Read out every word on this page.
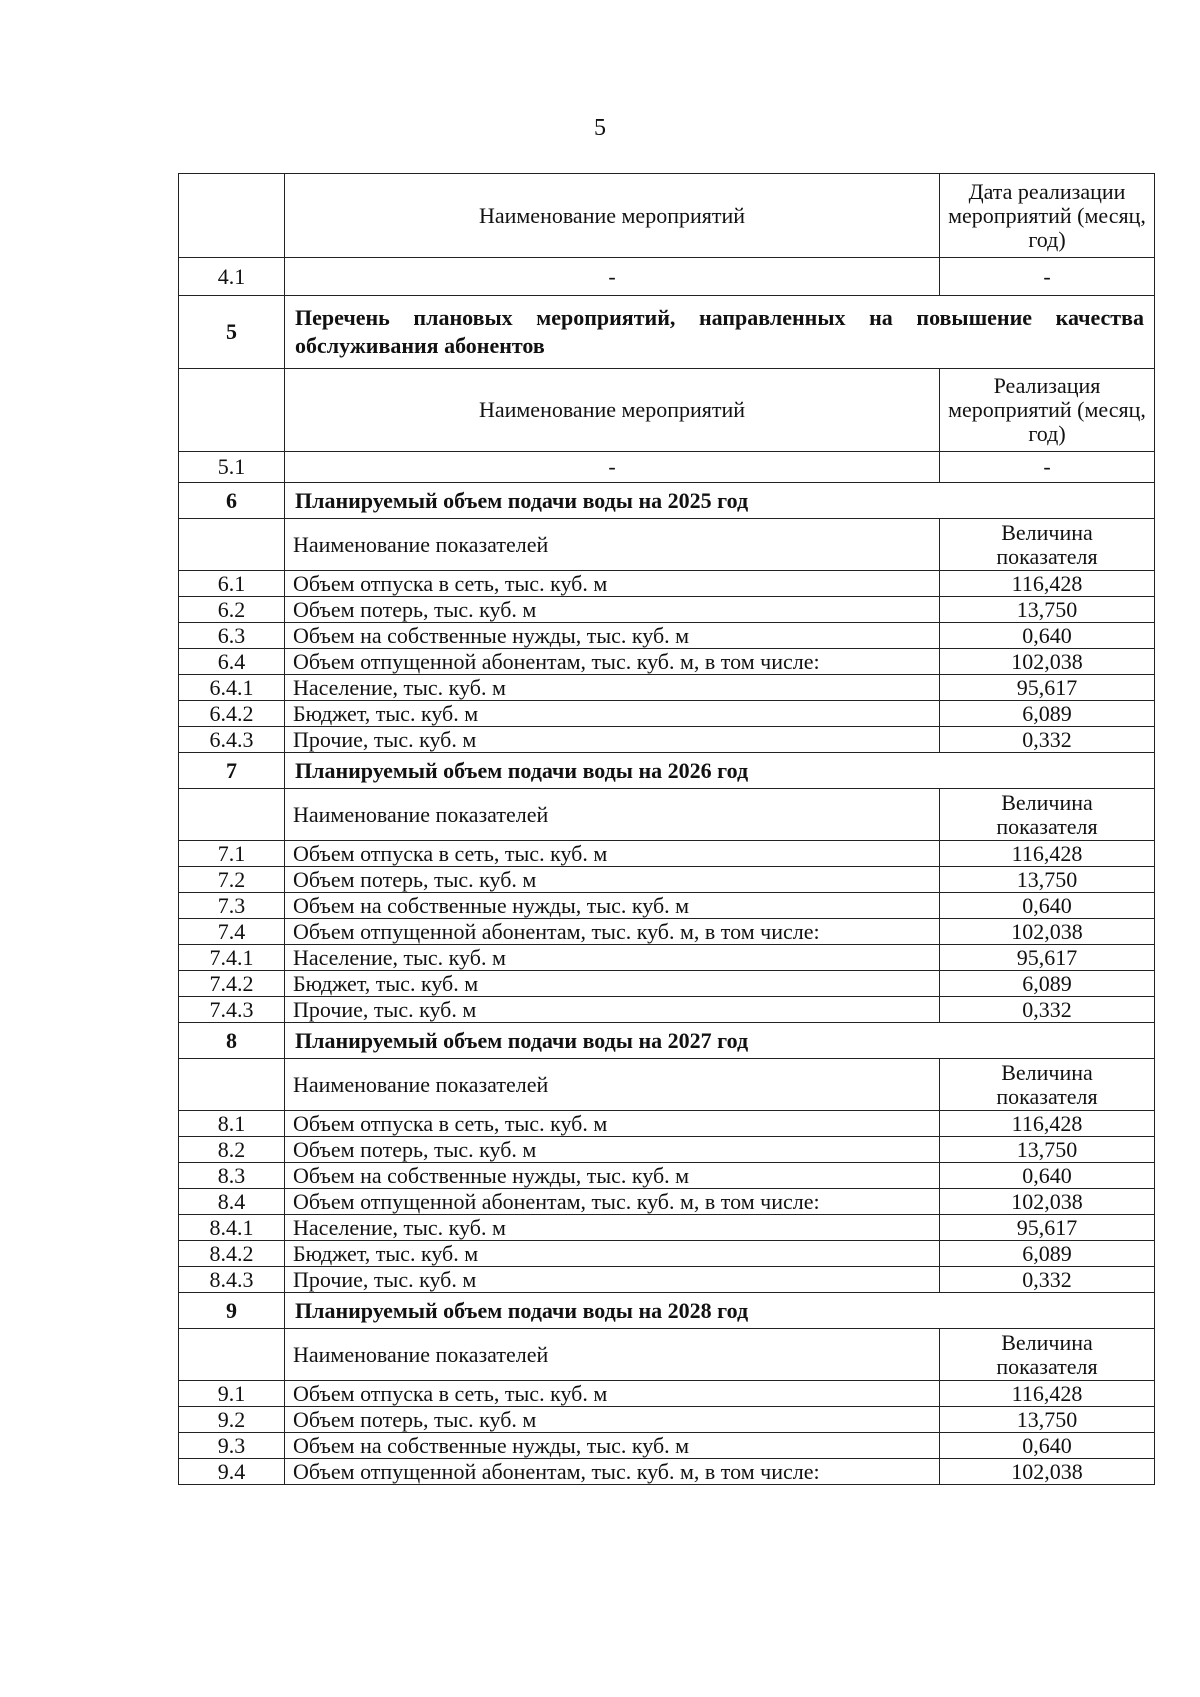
5
	Наименование мероприятий	Дата реализации мероприятий (месяц, год)
4.1	-	-
5	Перечень плановых мероприятий, направленных на повышение качества обслуживания абонентов	
	Наименование мероприятий	Реализация мероприятий (месяц, год)
5.1	-	-
6	Планируемый объем подачи воды на 2025 год	
	Наименование показателей	Величина показателя
6.1	Объем отпуска в сеть, тыс. куб. м	116,428
6.2	Объем потерь, тыс. куб. м	13,750
6.3	Объем на собственные нужды, тыс. куб. м	0,640
6.4	Объем отпущенной абонентам, тыс. куб. м, в том числе:	102,038
6.4.1	Население, тыс. куб. м	95,617
6.4.2	Бюджет, тыс. куб. м	6,089
6.4.3	Прочие, тыс. куб. м	0,332
7	Планируемый объем подачи воды на 2026 год	
	Наименование показателей	Величина показателя
7.1	Объем отпуска в сеть, тыс. куб. м	116,428
7.2	Объем потерь, тыс. куб. м	13,750
7.3	Объем на собственные нужды, тыс. куб. м	0,640
7.4	Объем отпущенной абонентам, тыс. куб. м, в том числе:	102,038
7.4.1	Население, тыс. куб. м	95,617
7.4.2	Бюджет, тыс. куб. м	6,089
7.4.3	Прочие, тыс. куб. м	0,332
8	Планируемый объем подачи воды на 2027 год	
	Наименование показателей	Величина показателя
8.1	Объем отпуска в сеть, тыс. куб. м	116,428
8.2	Объем потерь, тыс. куб. м	13,750
8.3	Объем на собственные нужды, тыс. куб. м	0,640
8.4	Объем отпущенной абонентам, тыс. куб. м, в том числе:	102,038
8.4.1	Население, тыс. куб. м	95,617
8.4.2	Бюджет, тыс. куб. м	6,089
8.4.3	Прочие, тыс. куб. м	0,332
9	Планируемый объем подачи воды на 2028 год	
	Наименование показателей	Величина показателя
9.1	Объем отпуска в сеть, тыс. куб. м	116,428
9.2	Объем потерь, тыс. куб. м	13,750
9.3	Объем на собственные нужды, тыс. куб. м	0,640
9.4	Объем отпущенной абонентам, тыс. куб. м, в том числе:	102,038
